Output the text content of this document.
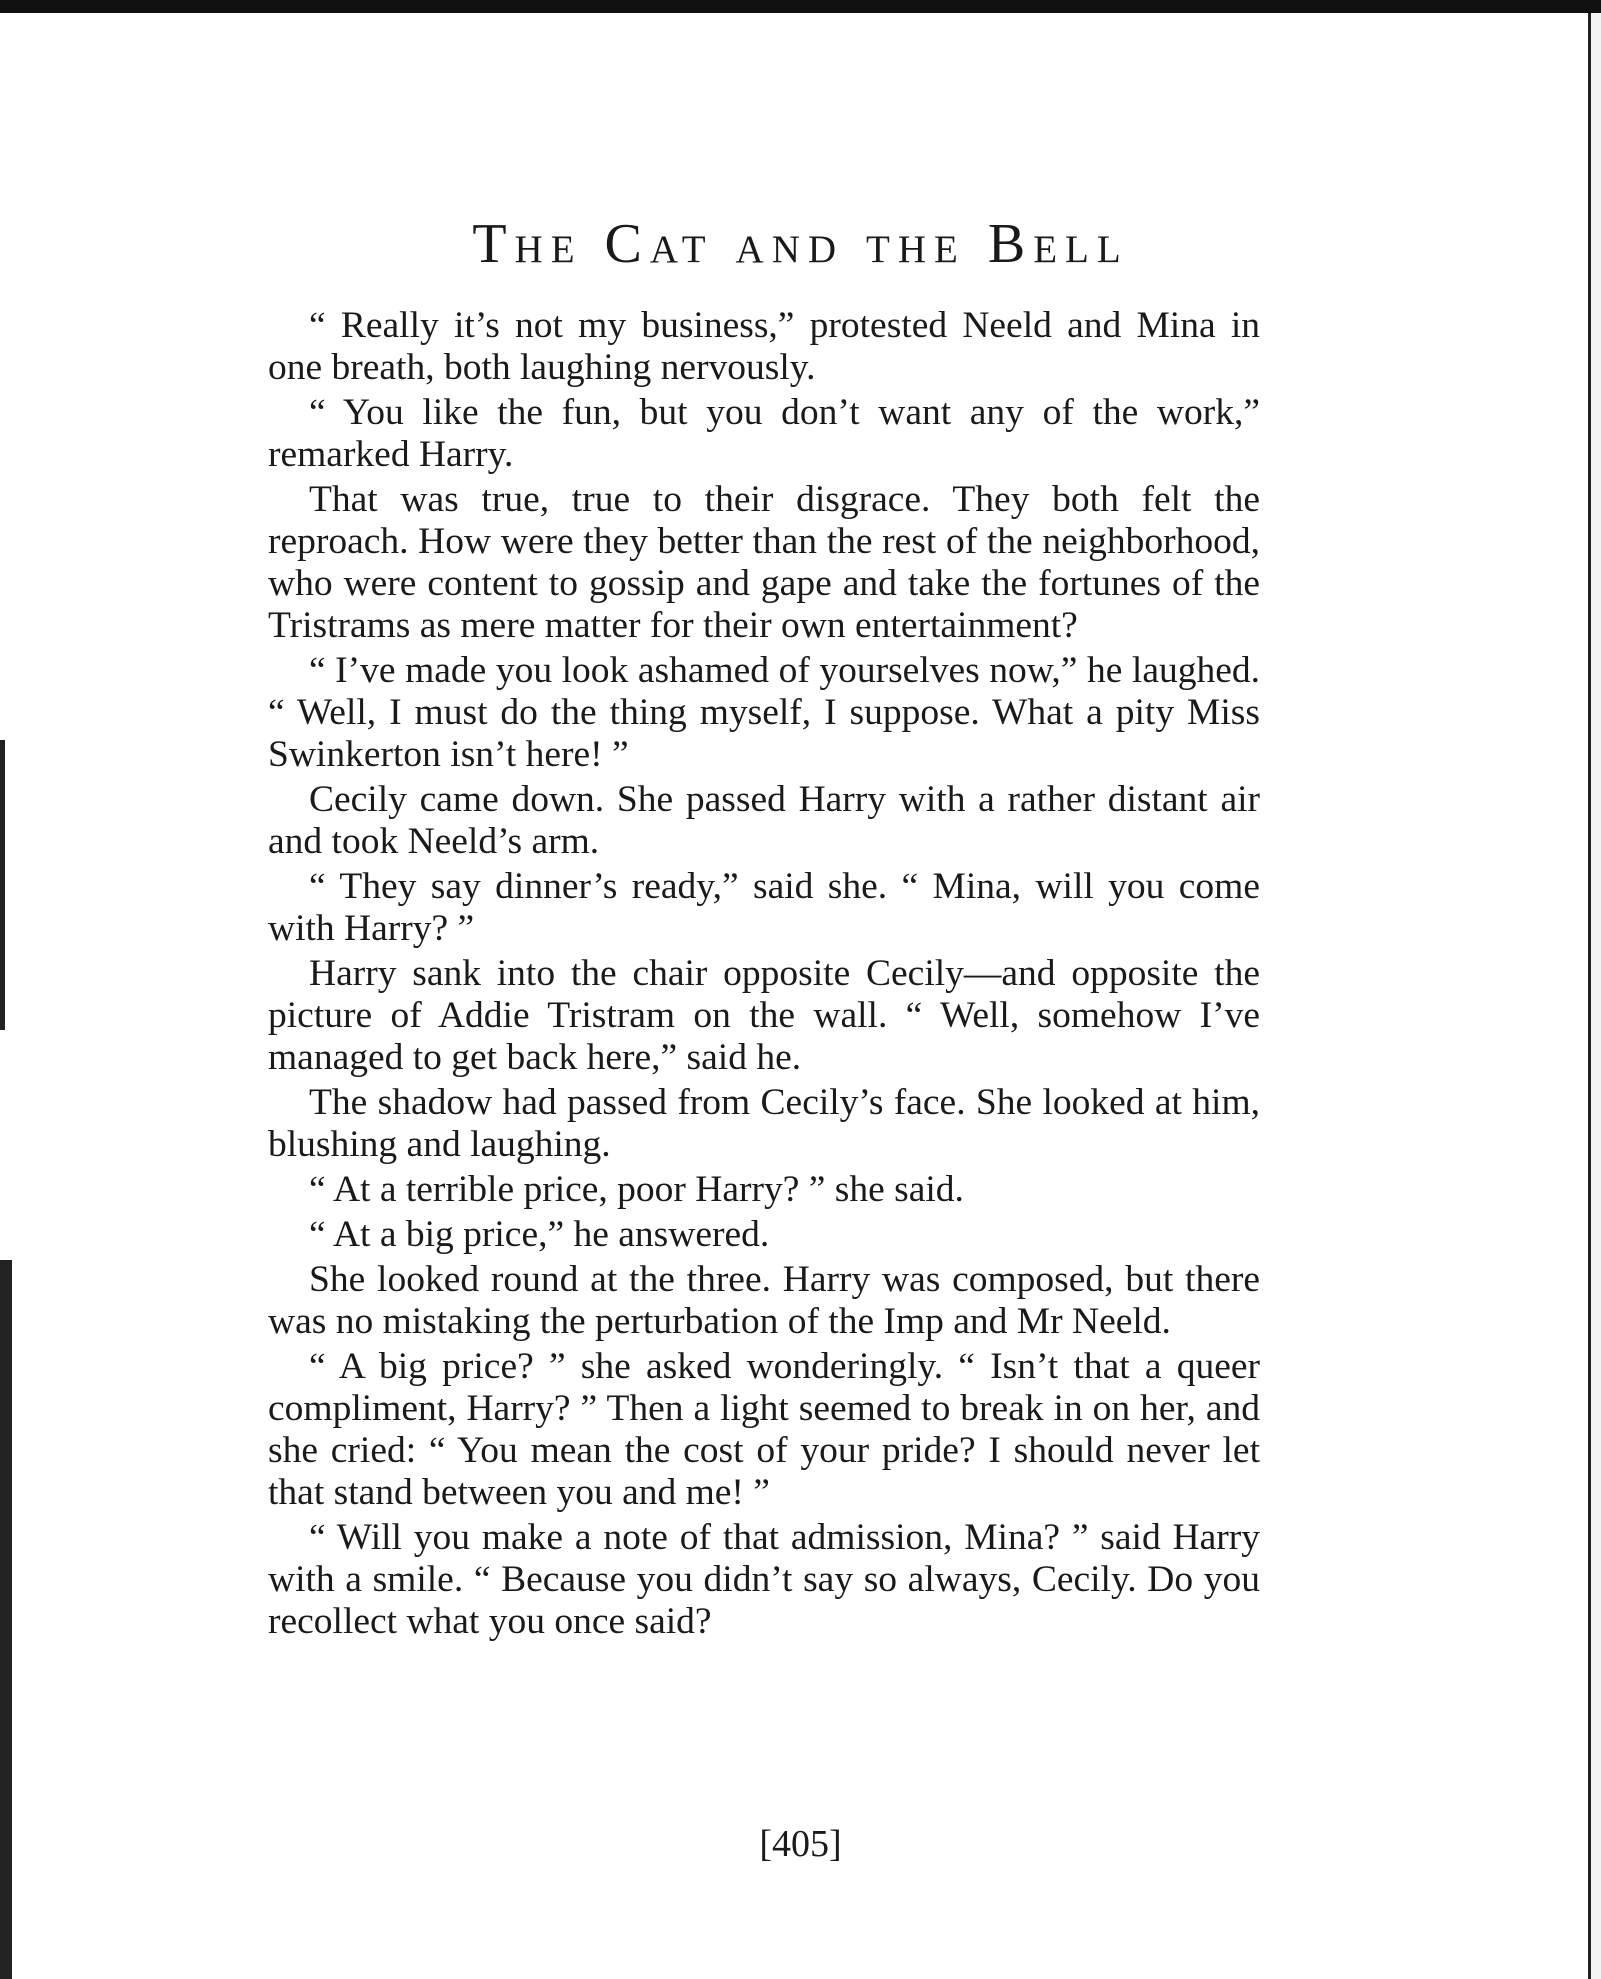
The Cat and the Bell

“ Really it’s not my business,” protested Neeld and Mina in one breath, both laughing nervously.

“ You like the fun, but you don’t want any of the work,” remarked Harry.

That was true, true to their disgrace. They both felt the reproach. How were they better than the rest of the neighborhood, who were content to gossip and gape and take the fortunes of the Tristrams as mere matter for their own entertainment?

“ I’ve made you look ashamed of yourselves now,” he laughed. “ Well, I must do the thing myself, I suppose. What a pity Miss Swinkerton isn’t here! ”

Cecily came down. She passed Harry with a rather distant air and took Neeld’s arm.

“ They say dinner’s ready,” said she. “ Mina, will you come with Harry? ”

Harry sank into the chair opposite Cecily—and opposite the picture of Addie Tristram on the wall. “ Well, somehow I’ve managed to get back here,” said he.

The shadow had passed from Cecily’s face. She looked at him, blushing and laughing.

“ At a terrible price, poor Harry? ” she said.

“ At a big price,” he answered.

She looked round at the three. Harry was composed, but there was no mistaking the perturbation of the Imp and Mr Neeld.

“ A big price? ” she asked wonderingly. “ Isn’t that a queer compliment, Harry? ” Then a light seemed to break in on her, and she cried: “ You mean the cost of your pride? I should never let that stand between you and me! ”

“ Will you make a note of that admission, Mina? ” said Harry with a smile. “ Because you didn’t say so always, Cecily. Do you recollect what you once said?

[405]
